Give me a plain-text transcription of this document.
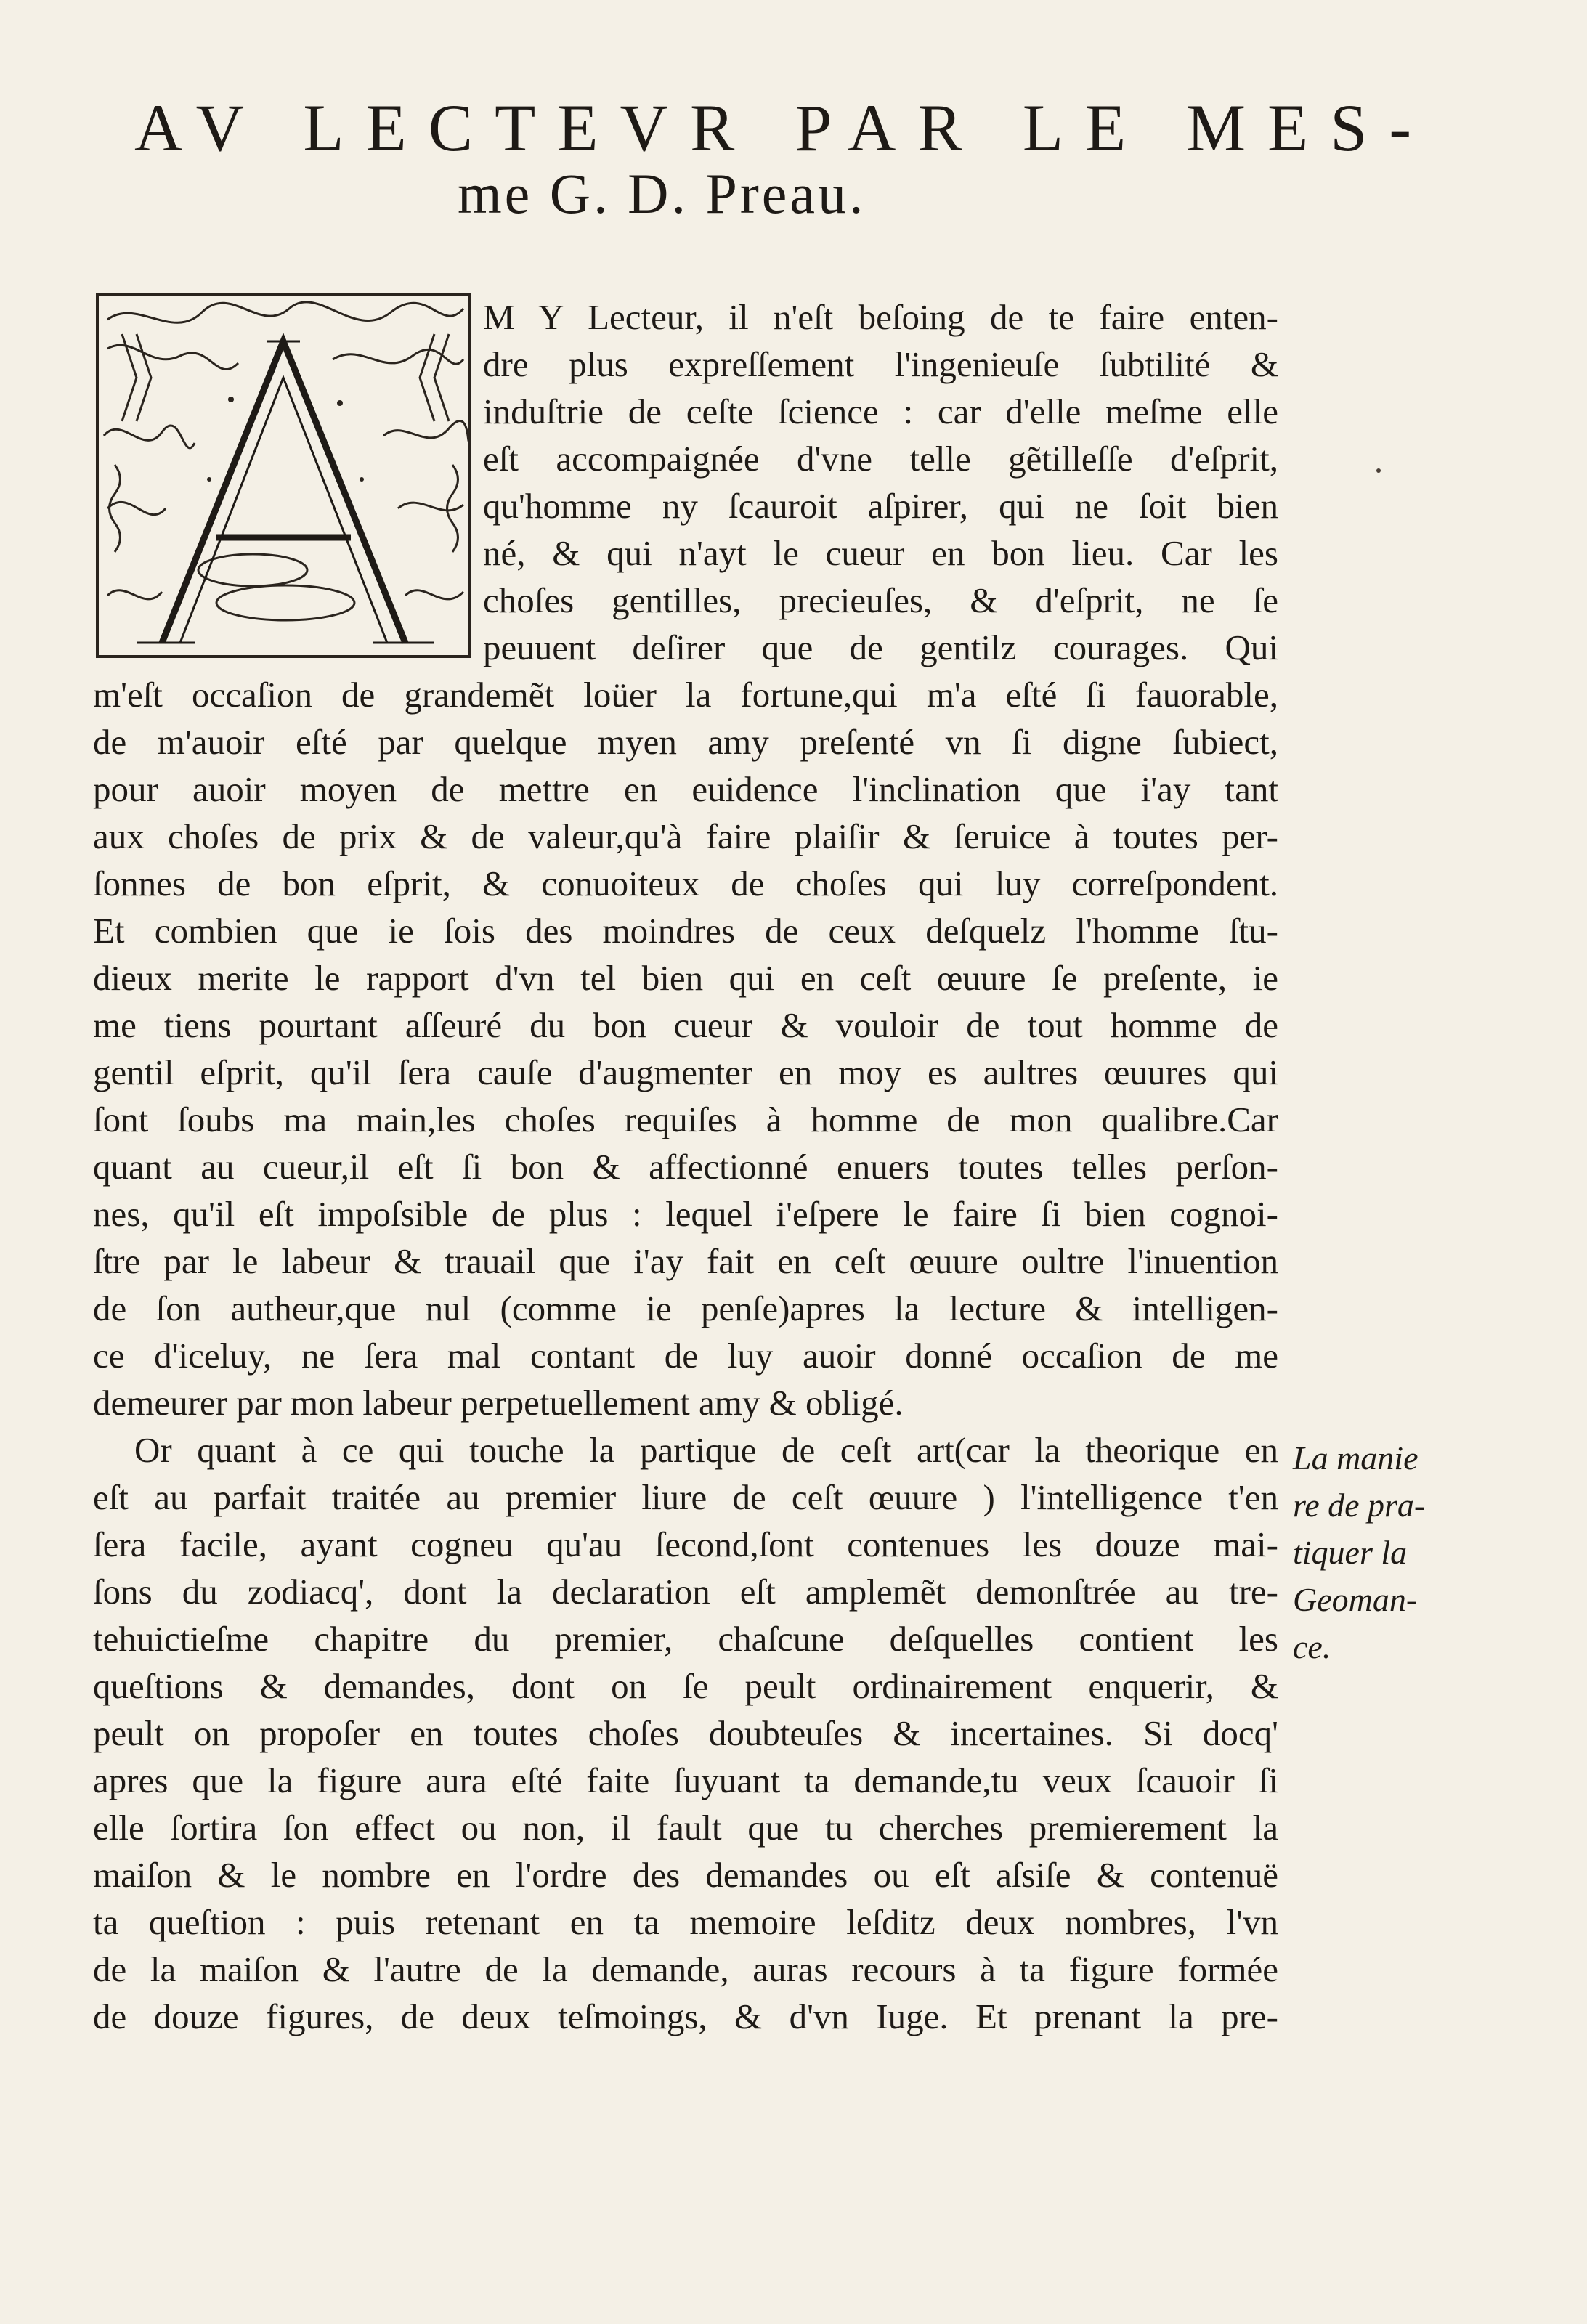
AV LECTEVR PAR LE MES-
me G. D. Preau.
M Y Lecteur, il n'eſt beſoing de te faire enten-
dre plus expreſſement l'ingenieuſe ſubtilité &
induſtrie de ceſte ſcience : car d'elle meſme elle
eſt accompaignée d'vne telle gẽtilleſſe d'eſprit,
qu'homme ny ſcauroit aſpirer, qui ne ſoit bien
né, & qui n'ayt le cueur en bon lieu. Car les
choſes gentilles, precieuſes, & d'eſprit, ne ſe
peuuent deſirer que de gentilz courages. Qui
m'eſt occaſion de grandemẽt loüer la fortune,qui m'a eſté ſi fauorable,
de m'auoir eſté par quelque myen amy preſenté vn ſi digne ſubiect,
pour auoir moyen de mettre en euidence l'inclination que i'ay tant
aux choſes de prix & de valeur,qu'à faire plaiſir & ſeruice à toutes per-
ſonnes de bon eſprit, & conuoiteux de choſes qui luy correſpondent.
Et combien que ie ſois des moindres de ceux deſquelz l'homme ſtu-
dieux merite le rapport d'vn tel bien qui en ceſt œuure ſe preſente, ie
me tiens pourtant aſſeuré du bon cueur & vouloir de tout homme de
gentil eſprit, qu'il ſera cauſe d'augmenter en moy es aultres œuures qui
ſont ſoubs ma main,les choſes requiſes à homme de mon qualibre.Car
quant au cueur,il eſt ſi bon & affectionné enuers toutes telles perſon-
nes, qu'il eſt impoſsible de plus : lequel i'eſpere le faire ſi bien cognoi-
ſtre par le labeur & trauail que i'ay fait en ceſt œuure oultre l'inuention
de ſon autheur,que nul (comme ie penſe)apres la lecture & intelligen-
ce d'iceluy, ne ſera mal contant de luy auoir donné occaſion de me
demeurer par mon labeur perpetuellement amy & obligé.
Or quant à ce qui touche la partique de ceſt art(car la theorique en
eſt au parfait traitée au premier liure de ceſt œuure ) l'intelligence t'en
ſera facile, ayant cogneu qu'au ſecond,ſont contenues les douze mai-
ſons du zodiacq', dont la declaration eſt amplemẽt demonſtrée au tre-
tehuictieſme chapitre du premier, chaſcune deſquelles contient les
queſtions & demandes, dont on ſe peult ordinairement enquerir, &
peult on propoſer en toutes choſes doubteuſes & incertaines. Si docq'
apres que la figure aura eſté faite ſuyuant ta demande,tu veux ſcauoir ſi
elle ſortira ſon effect ou non, il fault que tu cherches premierement la
maiſon & le nombre en l'ordre des demandes ou eſt aſsiſe & contenuë
ta queſtion : puis retenant en ta memoire leſditz deux nombres, l'vn
de la maiſon & l'autre de la demande, auras recours à ta figure formée
de douze figures, de deux teſmoings, & d'vn Iuge. Et prenant la pre-
La manie
re de pra-
tiquer la
Geoman-
ce.
